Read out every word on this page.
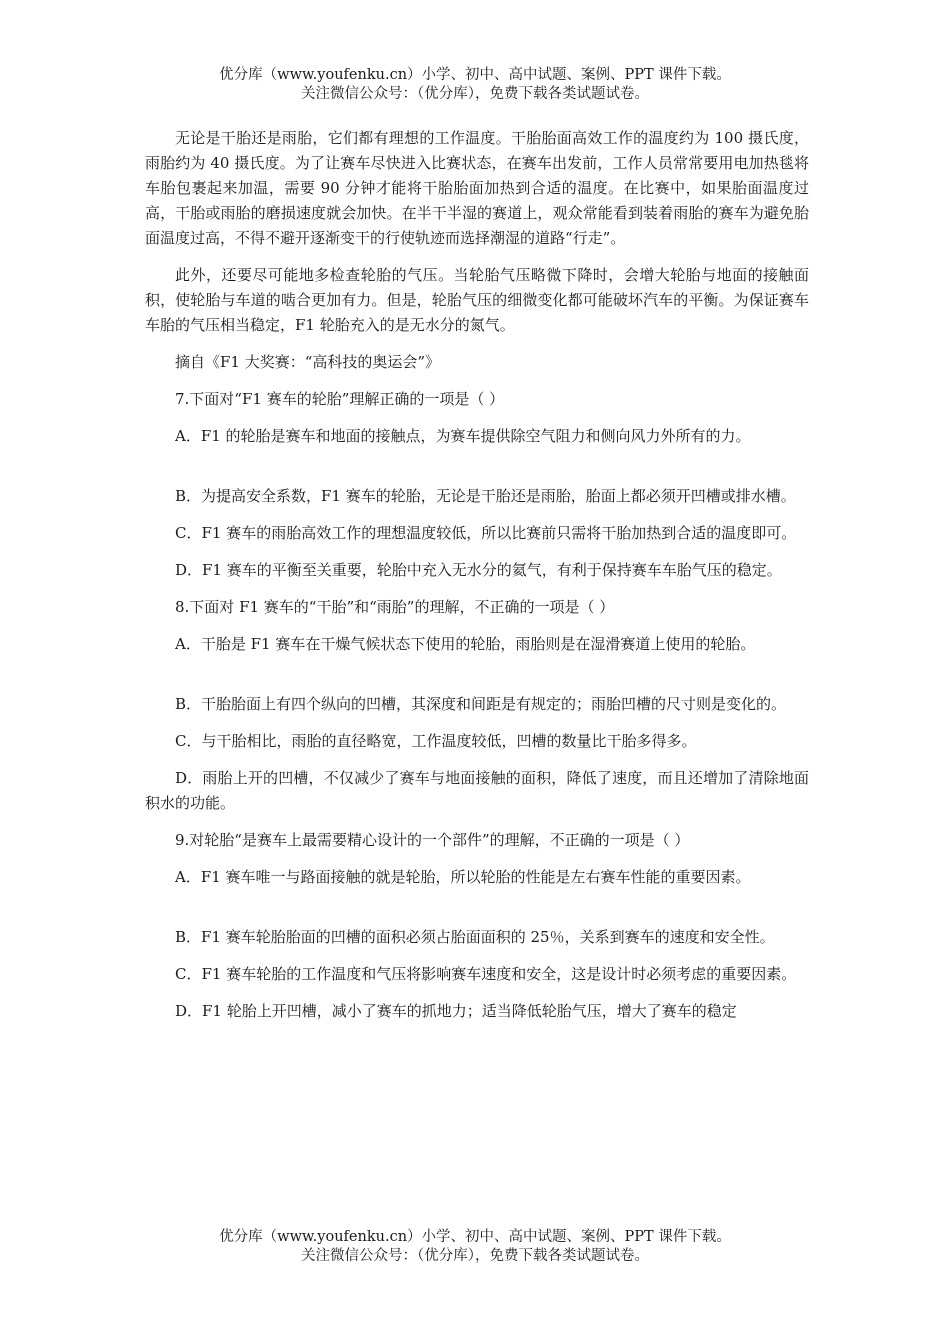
优分库（www.youfenku.cn）小学、初中、高中试题、案例、PPT 课件下载。
关注微信公众号：（优分库），免费下载各类试题试卷。

无论是干胎还是雨胎，它们都有理想的工作温度。干胎胎面高效工作的温度约为 100 摄氏度，雨胎约为 40 摄氏度。为了让赛车尽快进入比赛状态，在赛车出发前，工作人员常常要用电加热毯将车胎包裹起来加温，需要 90 分钟才能将干胎胎面加热到合适的温度。在比赛中，如果胎面温度过高，干胎或雨胎的磨损速度就会加快。在半干半湿的赛道上，观众常能看到装着雨胎的赛车为避免胎面温度过高，不得不避开逐渐变干的行使轨迹而选择潮湿的道路“行走”。

此外，还要尽可能地多检查轮胎的气压。当轮胎气压略微下降时，会增大轮胎与地面的接触面积，使轮胎与车道的啮合更加有力。但是，轮胎气压的细微变化都可能破坏汽车的平衡。为保证赛车车胎的气压相当稳定，F1 轮胎充入的是无水分的氮气。

摘自《F1 大奖赛：“高科技的奥运会”》

7.下面对“F1 赛车的轮胎”理解正确的一项是（ ）

A．F1 的轮胎是赛车和地面的接触点，为赛车提供除空气阻力和侧向风力外所有的力。

B．为提高安全系数，F1 赛车的轮胎，无论是干胎还是雨胎，胎面上都必须开凹槽或排水槽。

C．F1 赛车的雨胎高效工作的理想温度较低，所以比赛前只需将干胎加热到合适的温度即可。

D．F1 赛车的平衡至关重要，轮胎中充入无水分的氦气，有利于保持赛车车胎气压的稳定。

8.下面对 F1 赛车的“干胎”和“雨胎”的理解，不正确的一项是（ ）

A．干胎是 F1 赛车在干燥气候状态下使用的轮胎，雨胎则是在湿滑赛道上使用的轮胎。

B．干胎胎面上有四个纵向的凹槽，其深度和间距是有规定的；雨胎凹槽的尺寸则是变化的。

C．与干胎相比，雨胎的直径略宽，工作温度较低，凹槽的数量比干胎多得多。

D．雨胎上开的凹槽，不仅减少了赛车与地面接触的面积，降低了速度，而且还增加了清除地面积水的功能。

9.对轮胎“是赛车上最需要精心设计的一个部件”的理解，不正确的一项是（ ）

A．F1 赛车唯一与路面接触的就是轮胎，所以轮胎的性能是左右赛车性能的重要因素。

B．F1 赛车轮胎胎面的凹槽的面积必须占胎面面积的 25％，关系到赛车的速度和安全性。

C．F1 赛车轮胎的工作温度和气压将影响赛车速度和安全，这是设计时必须考虑的重要因素。

D．F1 轮胎上开凹槽，减小了赛车的抓地力；适当降低轮胎气压，增大了赛车的稳定

优分库（www.youfenku.cn）小学、初中、高中试题、案例、PPT 课件下载。
关注微信公众号：（优分库），免费下载各类试题试卷。
